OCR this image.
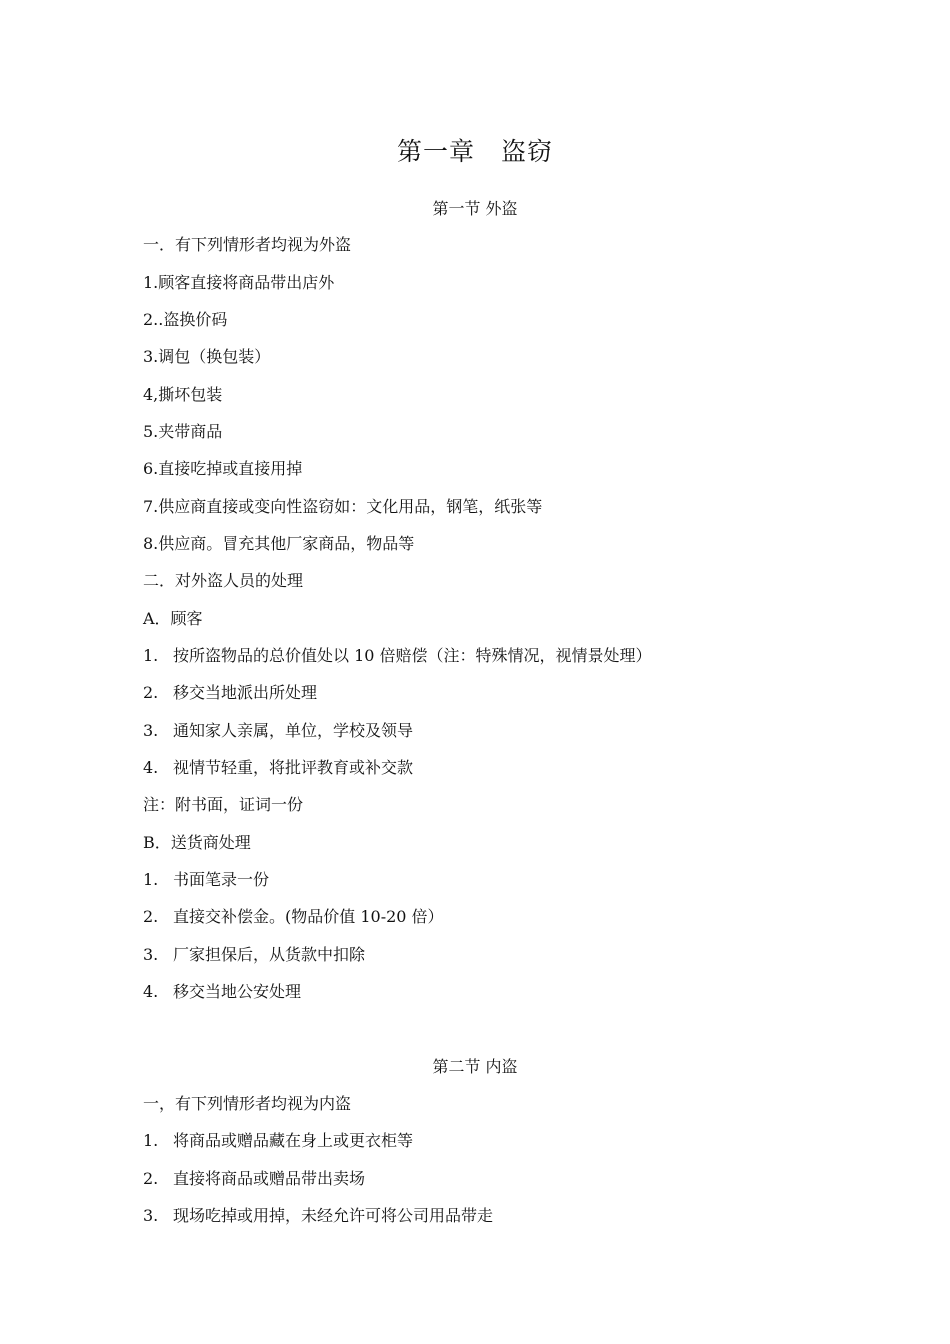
第一章　盗窃
第一节 外盗
一．有下列情形者均视为外盗
1.顾客直接将商品带出店外
2..盗换价码
3.调包（换包装）
4,撕坏包装
5.夹带商品
6.直接吃掉或直接用掉
7.供应商直接或变向性盗窃如：文化用品，钢笔，纸张等
8.供应商。冒充其他厂家商品，物品等
二．对外盗人员的处理
A．顾客
1. 按所盗物品的总价值处以 10 倍赔偿（注：特殊情况，视情景处理）
2. 移交当地派出所处理
3. 通知家人亲属，单位，学校及领导
4. 视情节轻重，将批评教育或补交款
注：附书面，证词一份
B．送货商处理
1. 书面笔录一份
2. 直接交补偿金。(物品价值 10-20 倍）
3. 厂家担保后，从货款中扣除
4. 移交当地公安处理
第二节 内盗
一，有下列情形者均视为内盗
1. 将商品或赠品藏在身上或更衣柜等
2. 直接将商品或赠品带出卖场
3. 现场吃掉或用掉，未经允许可将公司用品带走
